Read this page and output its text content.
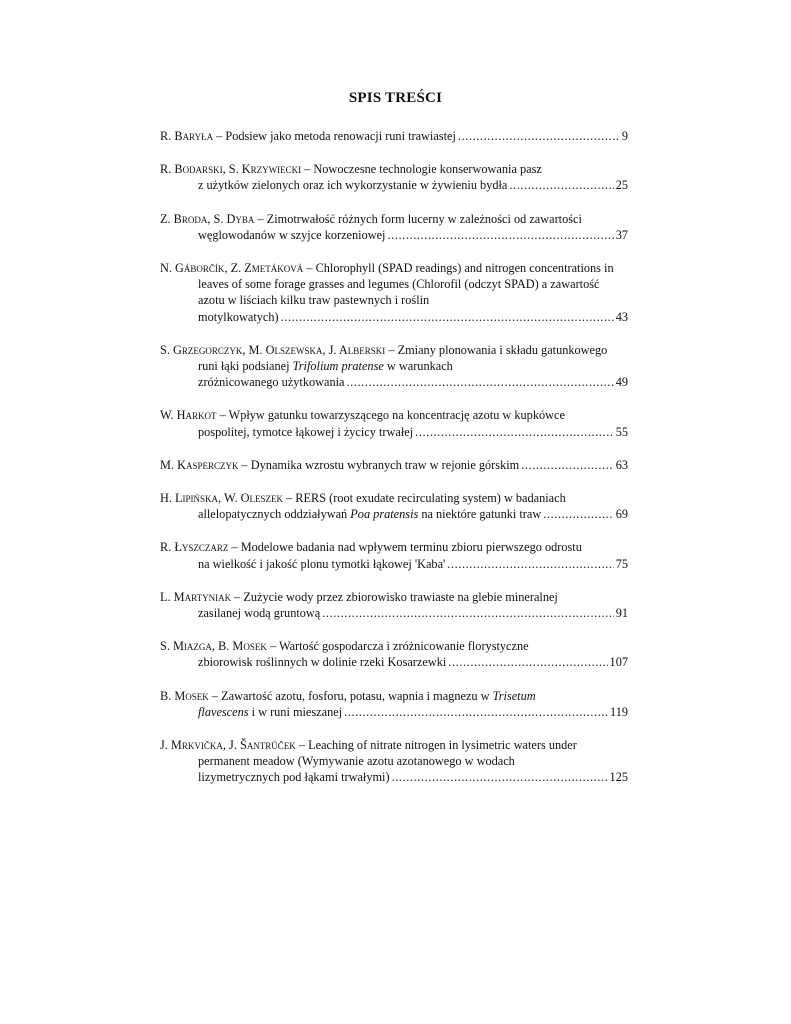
SPIS TREŚCI
R. Baryła – Podsiew jako metoda renowacji runi trawiastej .....	9
R. Bodarski, S. Krzywiecki – Nowoczesne technologie konserwowania pasz
z użytków zielonych oraz ich wykorzystanie w żywieniu bydła .....	25
Z. Broda, S. Dyba – Zimotrwałość różnych form lucerny w zależności od zawartości
węglowodanów w szyjce korzeniowej .....	37
N. Gáborčík, Z. Zmetáková – Chlorophyll (SPAD readings) and nitrogen concentrations in leaves of some forage grasses and legumes (Chlorofil (odczyt SPAD) a zawartość azotu w liściach kilku traw pastewnych i roślin
motylkowatych) .....	43
S. Grzegorczyk, M. Olszewska, J. Alberski – Zmiany plonowania i składu gatunkowego runi łąki podsianej Trifolium pratense w warunkach
zróżnicowanego użytkowania .....	49
W. Harkot – Wpływ gatunku towarzyszącego na koncentrację azotu w kupkówce
pospolitej, tymotce łąkowej i życicy trwałej .....	55
M. Kasperczyk – Dynamika wzrostu wybranych traw w rejonie górskim .....	63
H. Lipińska, W. Oleszek – RERS (root exudate recirculating system) w badaniach
allelopatycznych oddziaływań Poa pratensis na niektóre gatunki traw .....	69
R. Łyszczarz – Modelowe badania nad wpływem terminu zbioru pierwszego odrostu
na wielkość i jakość plonu tymotki łąkowej 'Kaba' .....	75
L. Martyniak – Zużycie wody przez zbiorowisko trawiaste na glebie mineralnej
zasilanej wodą gruntową .....	91
S. Miazga, B. Mosek – Wartość gospodarcza i zróżnicowanie florystyczne
zbiorowisk roślinnych w dolinie rzeki Kosarzewki .....	107
B. Mosek – Zawartość azotu, fosforu, potasu, wapnia i magnezu w Trisetum
flavescens i w runi mieszanej .....	119
J. Mrkvička, J. Šantrůček – Leaching of nitrate nitrogen in lysimetric waters under permanent meadow (Wymywanie azotu azotanowego w wodach
lizymetrycznych pod łąkami trwałymi) .....	125
